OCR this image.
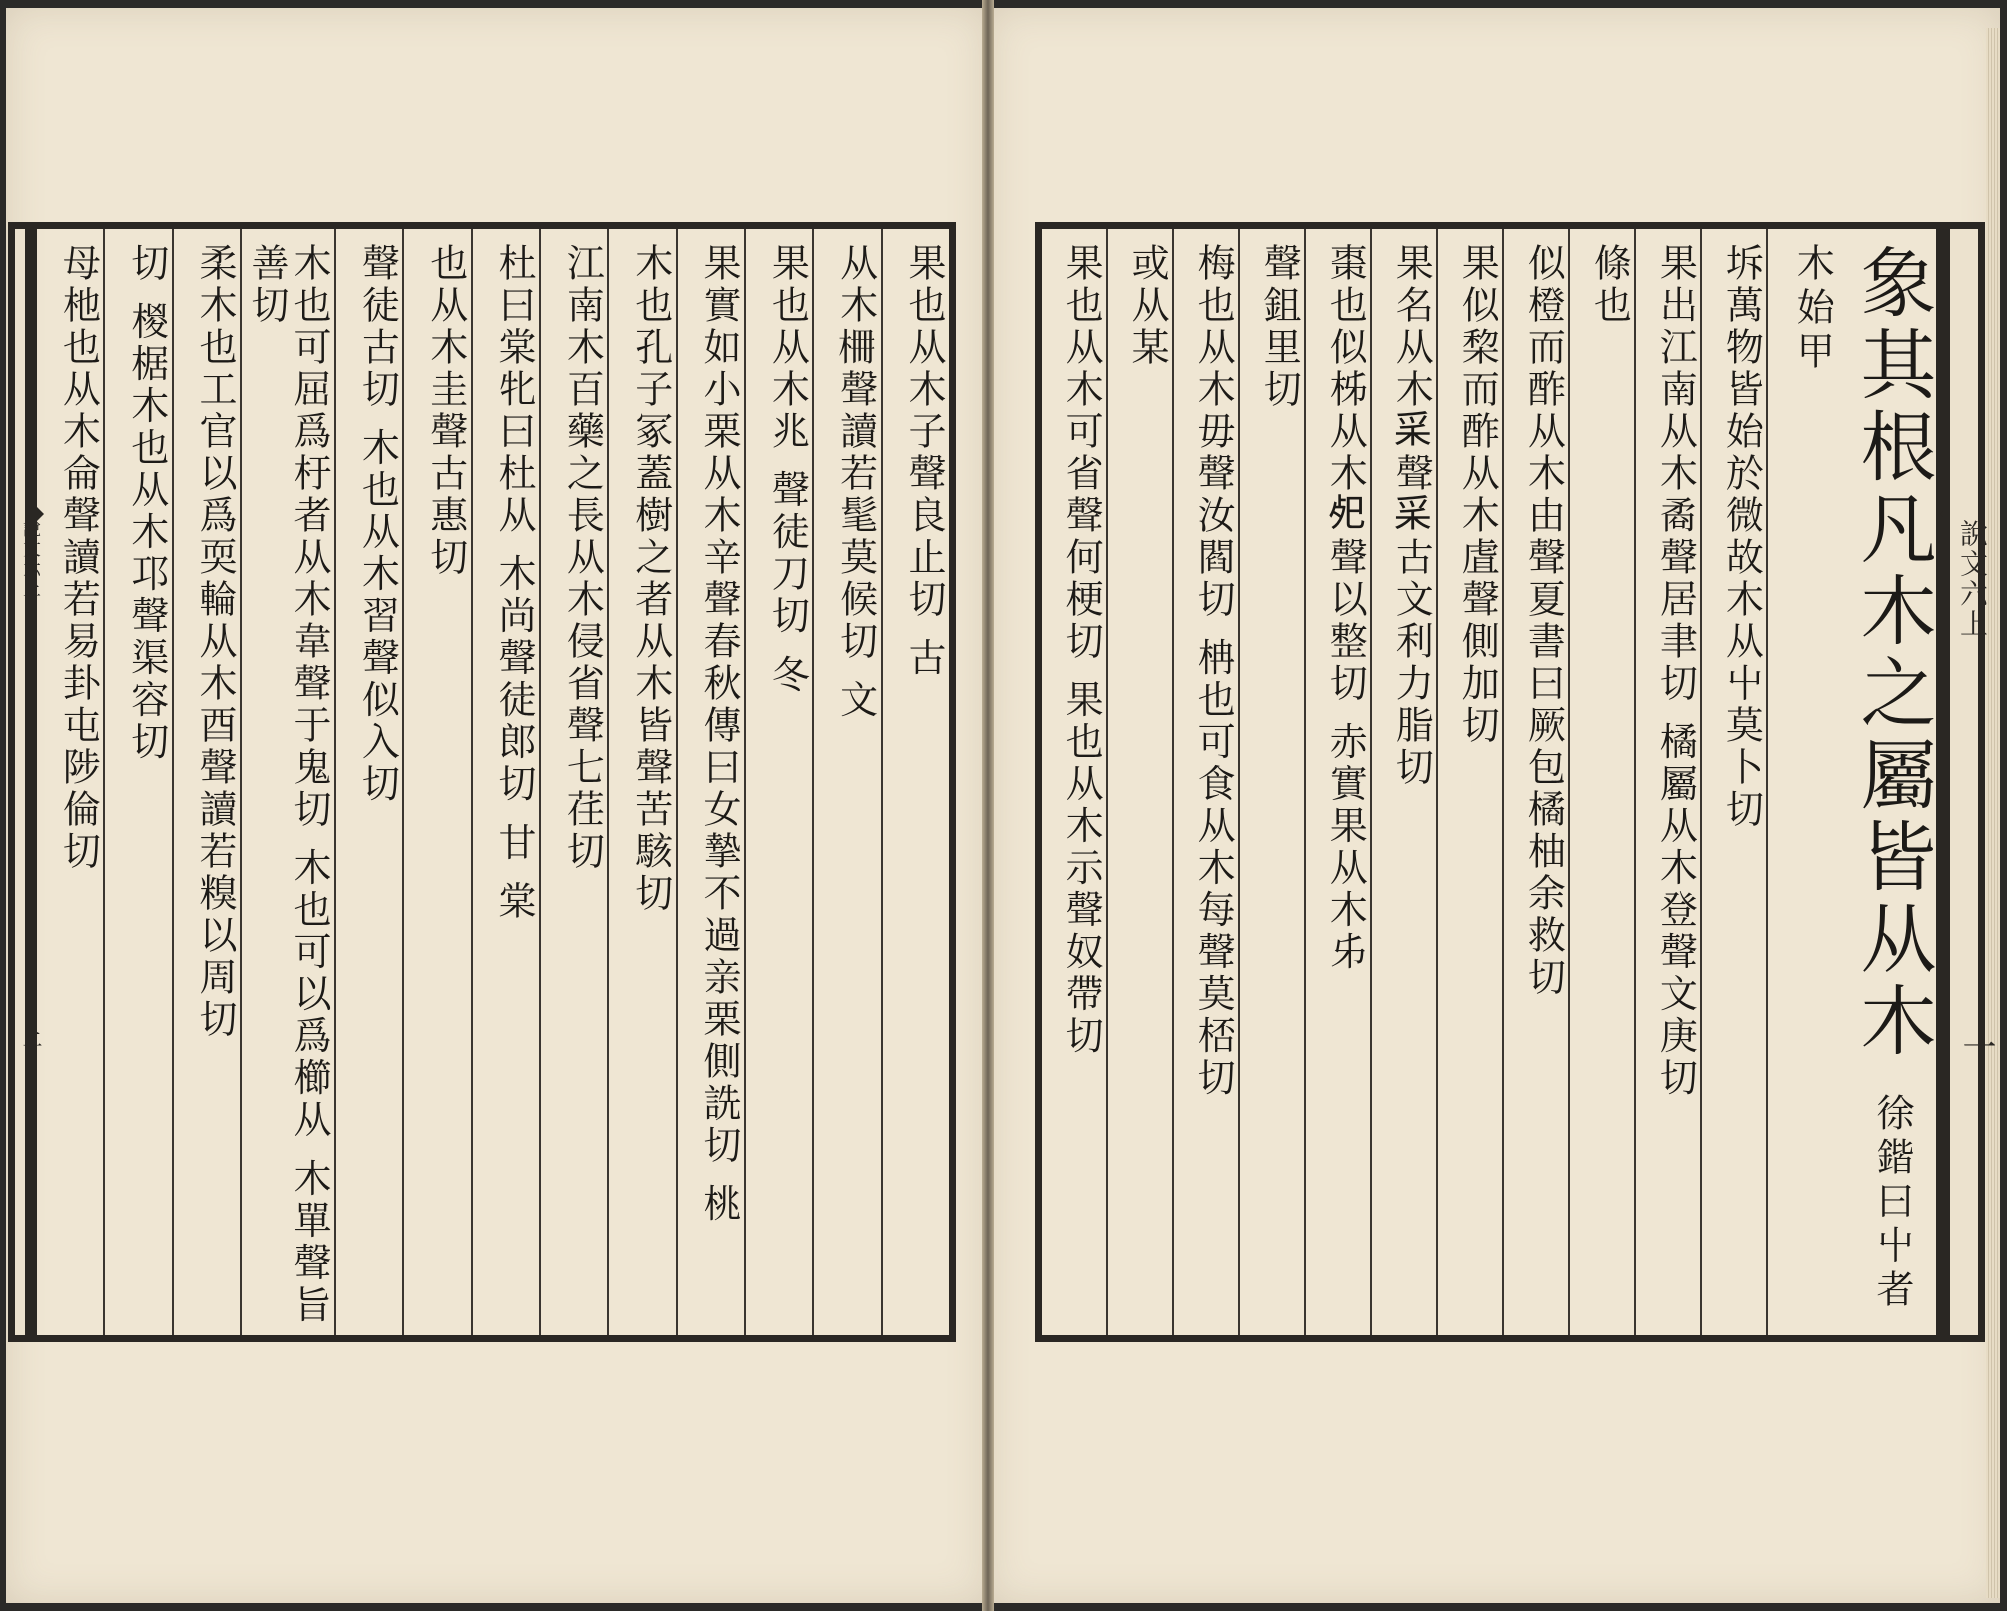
說文六上
二
果也从木子聲良止切 古
从木𣑭聲讀若髦莫候切 文
果也从木兆 聲徒刀切 冬
果實如小栗从木辛聲春秋傳曰女摯不過亲栗側詵切 桃
木也孔子冢蓋樹之者从木皆聲苦駭切
江南木百藥之長从木侵省聲七荏切
杜曰棠牝曰杜从 木尚聲徒郎切 甘 棠
也从木圭聲古惠切
聲徒古切 木也从木習聲似入切
木也可屈爲杅者从木韋聲于鬼切 木也可以爲櫛从 木單聲旨善切
柔木也工官以爲耎輪从木酉聲讀若糗以周切
切 椶椐木也从木邛聲渠容切
母杝也从木侖聲讀若易卦屯陟倫切	象其根凡木之屬皆从木 徐鍇曰屮者木始甲
坼萬物皆始於微故木从屮莫卜切
果出江南从木矞聲居聿切 橘屬从木登聲文庚切
條也
似橙而酢从木由聲夏書曰厥包橘柚余救切
果似棃而酢从木虘聲側加切
果名从木𥝩聲𥝩古文利力脂切
棗也似柹从木𢀸聲以整切 赤實果从木𠂔
聲鉏里切
梅也从木毋聲汝閻切 柟也可食从木每聲莫桮切
或从某
果也从木可省聲何梗切 果也从木示聲奴帶切
說文六上
一
